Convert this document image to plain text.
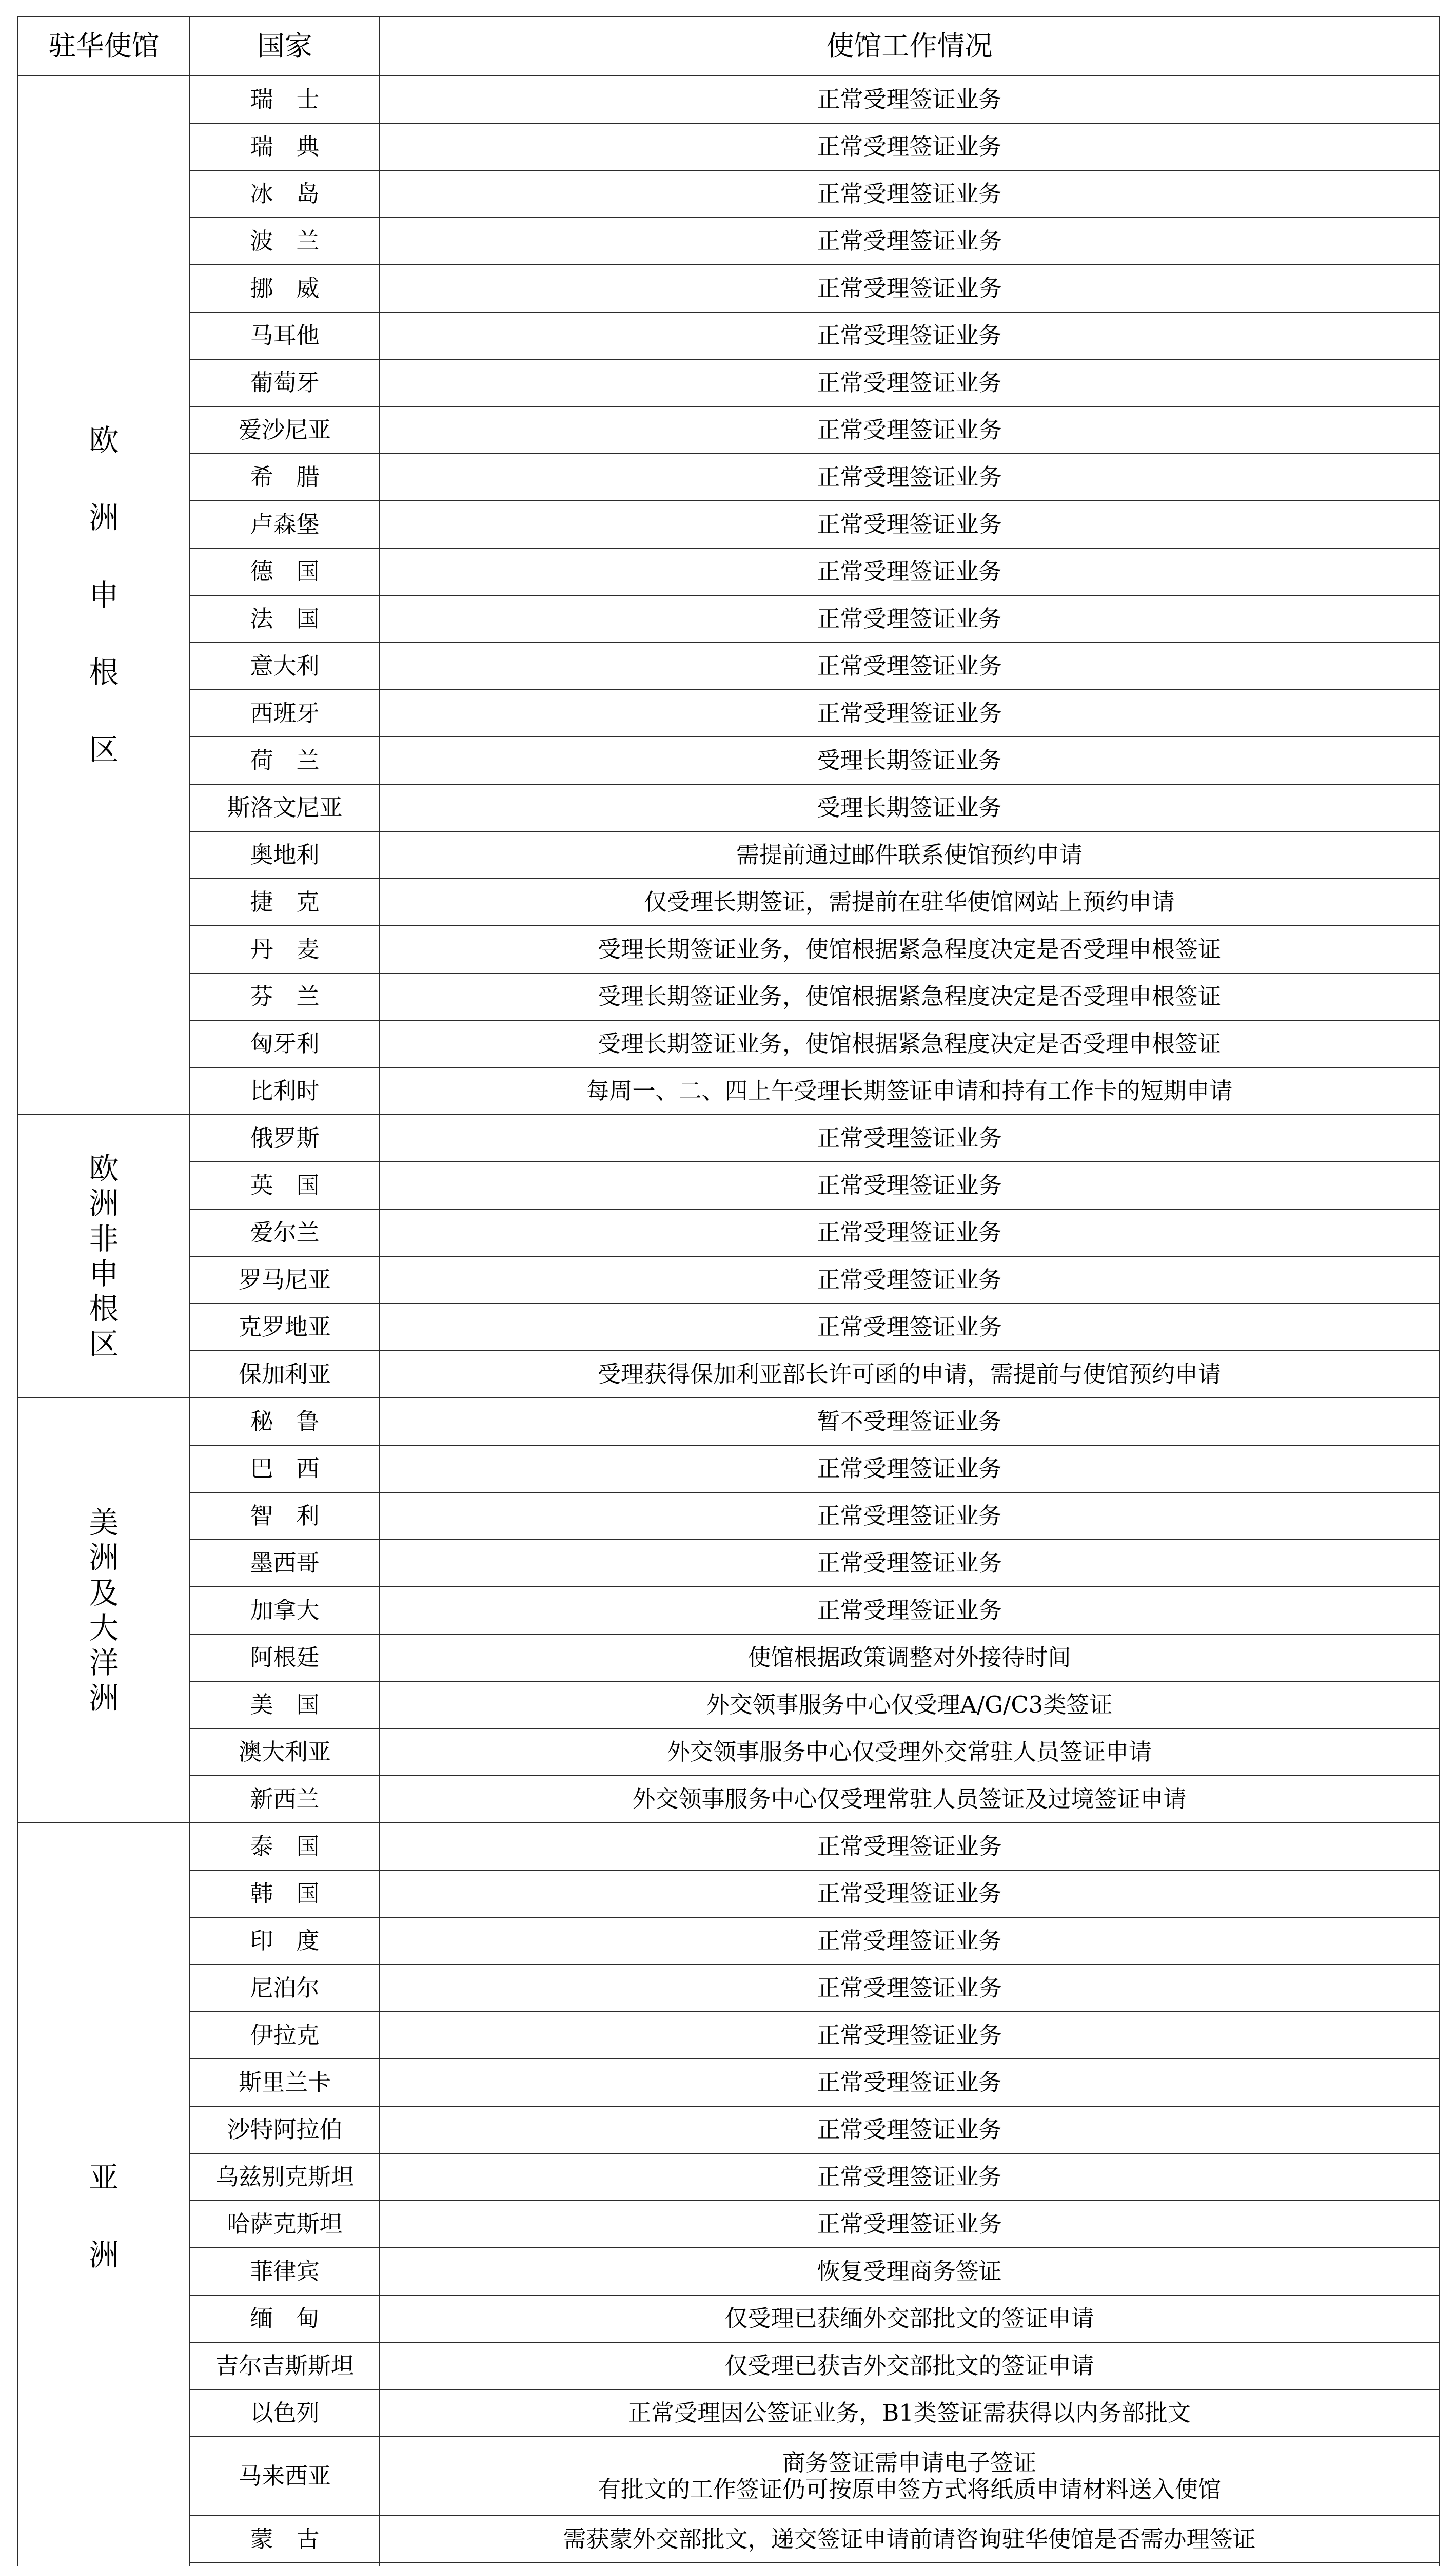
驻华使馆	国家	使馆工作情况
欧洲申根区	瑞　士	正常受理签证业务

	瑞　典	正常受理签证业务

	冰　岛	正常受理签证业务

	波　兰	正常受理签证业务

	挪　威	正常受理签证业务

	马耳他	正常受理签证业务

	葡萄牙	正常受理签证业务

	爱沙尼亚	正常受理签证业务

	希　腊	正常受理签证业务

	卢森堡	正常受理签证业务

	德　国	正常受理签证业务

	法　国	正常受理签证业务

	意大利	正常受理签证业务

	西班牙	正常受理签证业务

	荷　兰	受理长期签证业务

	斯洛文尼亚	受理长期签证业务

	奥地利	需提前通过邮件联系使馆预约申请

	捷　克	仅受理长期签证，需提前在驻华使馆网站上预约申请

	丹　麦	受理长期签证业务，使馆根据紧急程度决定是否受理申根签证

	芬　兰	受理长期签证业务，使馆根据紧急程度决定是否受理申根签证

	匈牙利	受理长期签证业务，使馆根据紧急程度决定是否受理申根签证

	比利时	每周一、二、四上午受理长期签证申请和持有工作卡的短期申请

欧洲非申根区	俄罗斯	正常受理签证业务

	英　国	正常受理签证业务

	爱尔兰	正常受理签证业务

	罗马尼亚	正常受理签证业务

	克罗地亚	正常受理签证业务

	保加利亚	受理获得保加利亚部长许可函的申请，需提前与使馆预约申请

美洲及大洋洲	秘　鲁	暂不受理签证业务

	巴　西	正常受理签证业务

	智　利	正常受理签证业务

	墨西哥	正常受理签证业务

	加拿大	正常受理签证业务

	阿根廷	使馆根据政策调整对外接待时间

	美　国	外交领事服务中心仅受理A/G/C3类签证

	澳大利亚	外交领事服务中心仅受理外交常驻人员签证申请

	新西兰	外交领事服务中心仅受理常驻人员签证及过境签证申请

亚洲	泰　国	正常受理签证业务

	韩　国	正常受理签证业务

	印　度	正常受理签证业务

	尼泊尔	正常受理签证业务

	伊拉克	正常受理签证业务

	斯里兰卡	正常受理签证业务

	沙特阿拉伯	正常受理签证业务

	乌兹别克斯坦	正常受理签证业务

	哈萨克斯坦	正常受理签证业务

	菲律宾	恢复受理商务签证

	缅　甸	仅受理已获缅外交部批文的签证申请

	吉尔吉斯斯坦	仅受理已获吉外交部批文的签证申请

	以色列	正常受理因公签证业务，B1类签证需获得以内务部批文

	马来西亚	商务签证需申请电子签证
有批文的工作签证仍可按原申签方式将纸质申请材料送入使馆

	蒙　古	需获蒙外交部批文，递交签证申请前请咨询驻华使馆是否需办理签证
